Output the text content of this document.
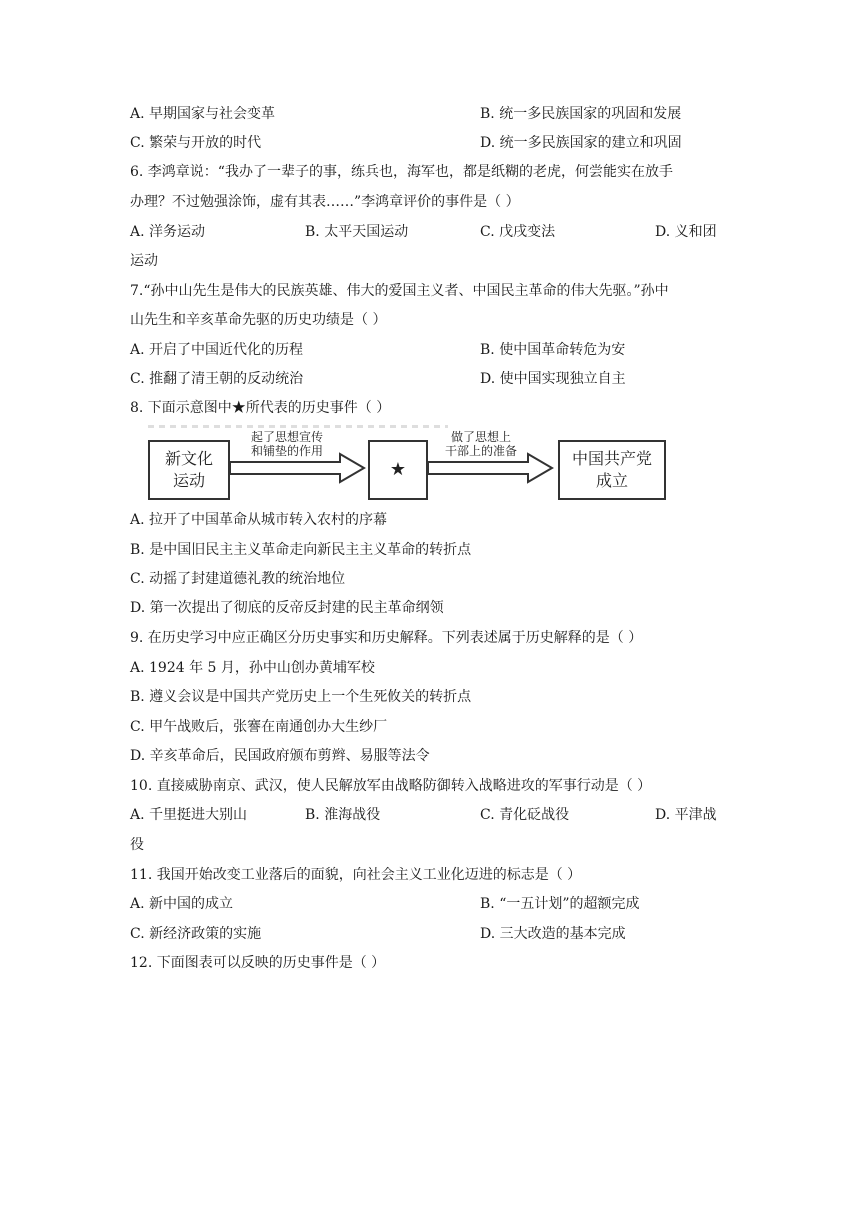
A. 早期国家与社会变革	B. 统一多民族国家的巩固和发展
C. 繁荣与开放的时代	D. 统一多民族国家的建立和巩固
6. 李鸿章说：“我办了一辈子的事，练兵也，海军也，都是纸糊的老虎，何尝能实在放手
办理？不过勉强涂饰，虚有其表……”李鸿章评价的事件是（ ）
A. 洋务运动	B. 太平天国运动	C. 戊戌变法	D. 义和团
运动
7.“孙中山先生是伟大的民族英雄、伟大的爱国主义者、中国民主革命的伟大先驱。”孙中
山先生和辛亥革命先驱的历史功绩是（ ）
A. 开启了中国近代化的历程	B. 使中国革命转危为安
C. 推翻了清王朝的反动统治	D. 使中国实现独立自主
8. 下面示意图中★所代表的历史事件（ ）
新文化
运动
起了思想宣传
和铺垫的作用
★
做了思想上
干部上的准备	中国共产党
成立
A. 拉开了中国革命从城市转入农村的序幕
B. 是中国旧民主主义革命走向新民主主义革命的转折点
C. 动摇了封建道德礼教的统治地位
D. 第一次提出了彻底的反帝反封建的民主革命纲领
9. 在历史学习中应正确区分历史事实和历史解释。下列表述属于历史解释的是（ ）
A. 1924 年 5 月，孙中山创办黄埔军校
B. 遵义会议是中国共产党历史上一个生死攸关的转折点
C. 甲午战败后，张謇在南通创办大生纱厂
D. 辛亥革命后，民国政府颁布剪辫、易服等法令
10. 直接威胁南京、武汉，使人民解放军由战略防御转入战略进攻的军事行动是（ ）
A. 千里挺进大别山	B. 淮海战役	C. 青化砭战役	D. 平津战
役
11. 我国开始改变工业落后的面貌，向社会主义工业化迈进的标志是（ ）
A. 新中国的成立	B. “一五计划”的超额完成
C. 新经济政策的实施	D. 三大改造的基本完成
12. 下面图表可以反映的历史事件是（ ）
